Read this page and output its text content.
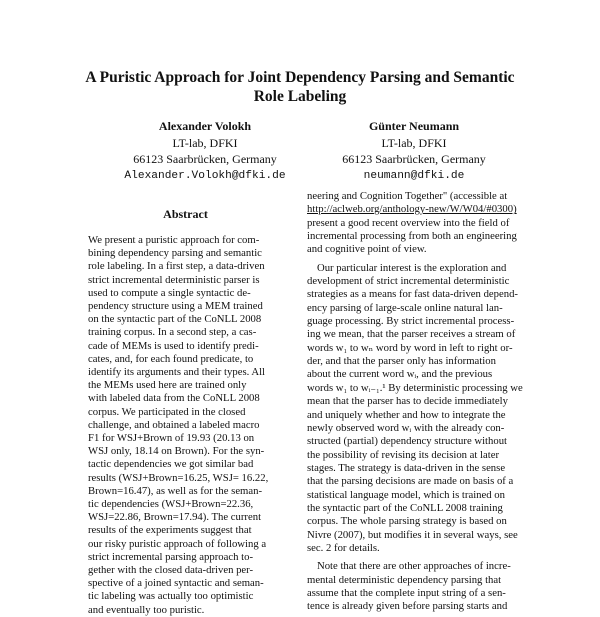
A Puristic Approach for Joint Dependency Parsing and Semantic
Role Labeling
Alexander Volokh
LT-lab, DFKI
66123 Saarbrücken, Germany
Alexander.Volokh@dfki.de
Günter Neumann
LT-lab, DFKI
66123 Saarbrücken, Germany
neumann@dfki.de
Abstract
We present a puristic approach for com-
bining dependency parsing and semantic
role labeling. In a first step, a data-driven
strict incremental deterministic parser is
used to compute a single syntactic de-
pendency structure using a MEM trained
on the syntactic part of the CoNLL 2008
training corpus. In a second step, a cas-
cade of MEMs is used to identify predi-
cates, and, for each found predicate, to
identify its arguments and their types. All
the MEMs used here are trained only
with labeled data from the CoNLL 2008
corpus. We participated in the closed
challenge, and obtained a labeled macro
F1 for WSJ+Brown of 19.93 (20.13 on
WSJ only, 18.14 on Brown). For the syn-
tactic dependencies we got similar bad
results (WSJ+Brown=16.25, WSJ= 16.22,
Brown=16.47), as well as for the seman-
tic dependencies (WSJ+Brown=22.36,
WSJ=22.86, Brown=17.94). The current
results of the experiments suggest that
our risky puristic approach of following a
strict incremental parsing approach to-
gether with the closed data-driven per-
spective of a joined syntactic and seman-
tic labeling was actually too optimistic
and eventually too puristic.
neering and Cognition Together" (accessible at
http://aclweb.org/anthology-new/W/W04/#0300)
present a good recent overview into the field of
incremental processing from both an engineering
and cognitive point of view.
Our particular interest is the exploration and
development of strict incremental deterministic
strategies as a means for fast data-driven depend-
ency parsing of large-scale online natural lan-
guage processing. By strict incremental process-
ing we mean, that the parser receives a stream of
words w₁ to wₙ word by word in left to right or-
der, and that the parser only has information
about the current word wᵢ, and the previous
words w₁ to wᵢ₋₁.¹ By deterministic processing we
mean that the parser has to decide immediately
and uniquely whether and how to integrate the
newly observed word wᵢ with the already con-
structed (partial) dependency structure without
the possibility of revising its decision at later
stages. The strategy is data-driven in the sense
that the parsing decisions are made on basis of a
statistical language model, which is trained on
the syntactic part of the CoNLL 2008 training
corpus. The whole parsing strategy is based on
Nivre (2007), but modifies it in several ways, see
sec. 2 for details.
Note that there are other approaches of incre-
mental deterministic dependency parsing that
assume that the complete input string of a sen-
tence is already given before parsing starts and
